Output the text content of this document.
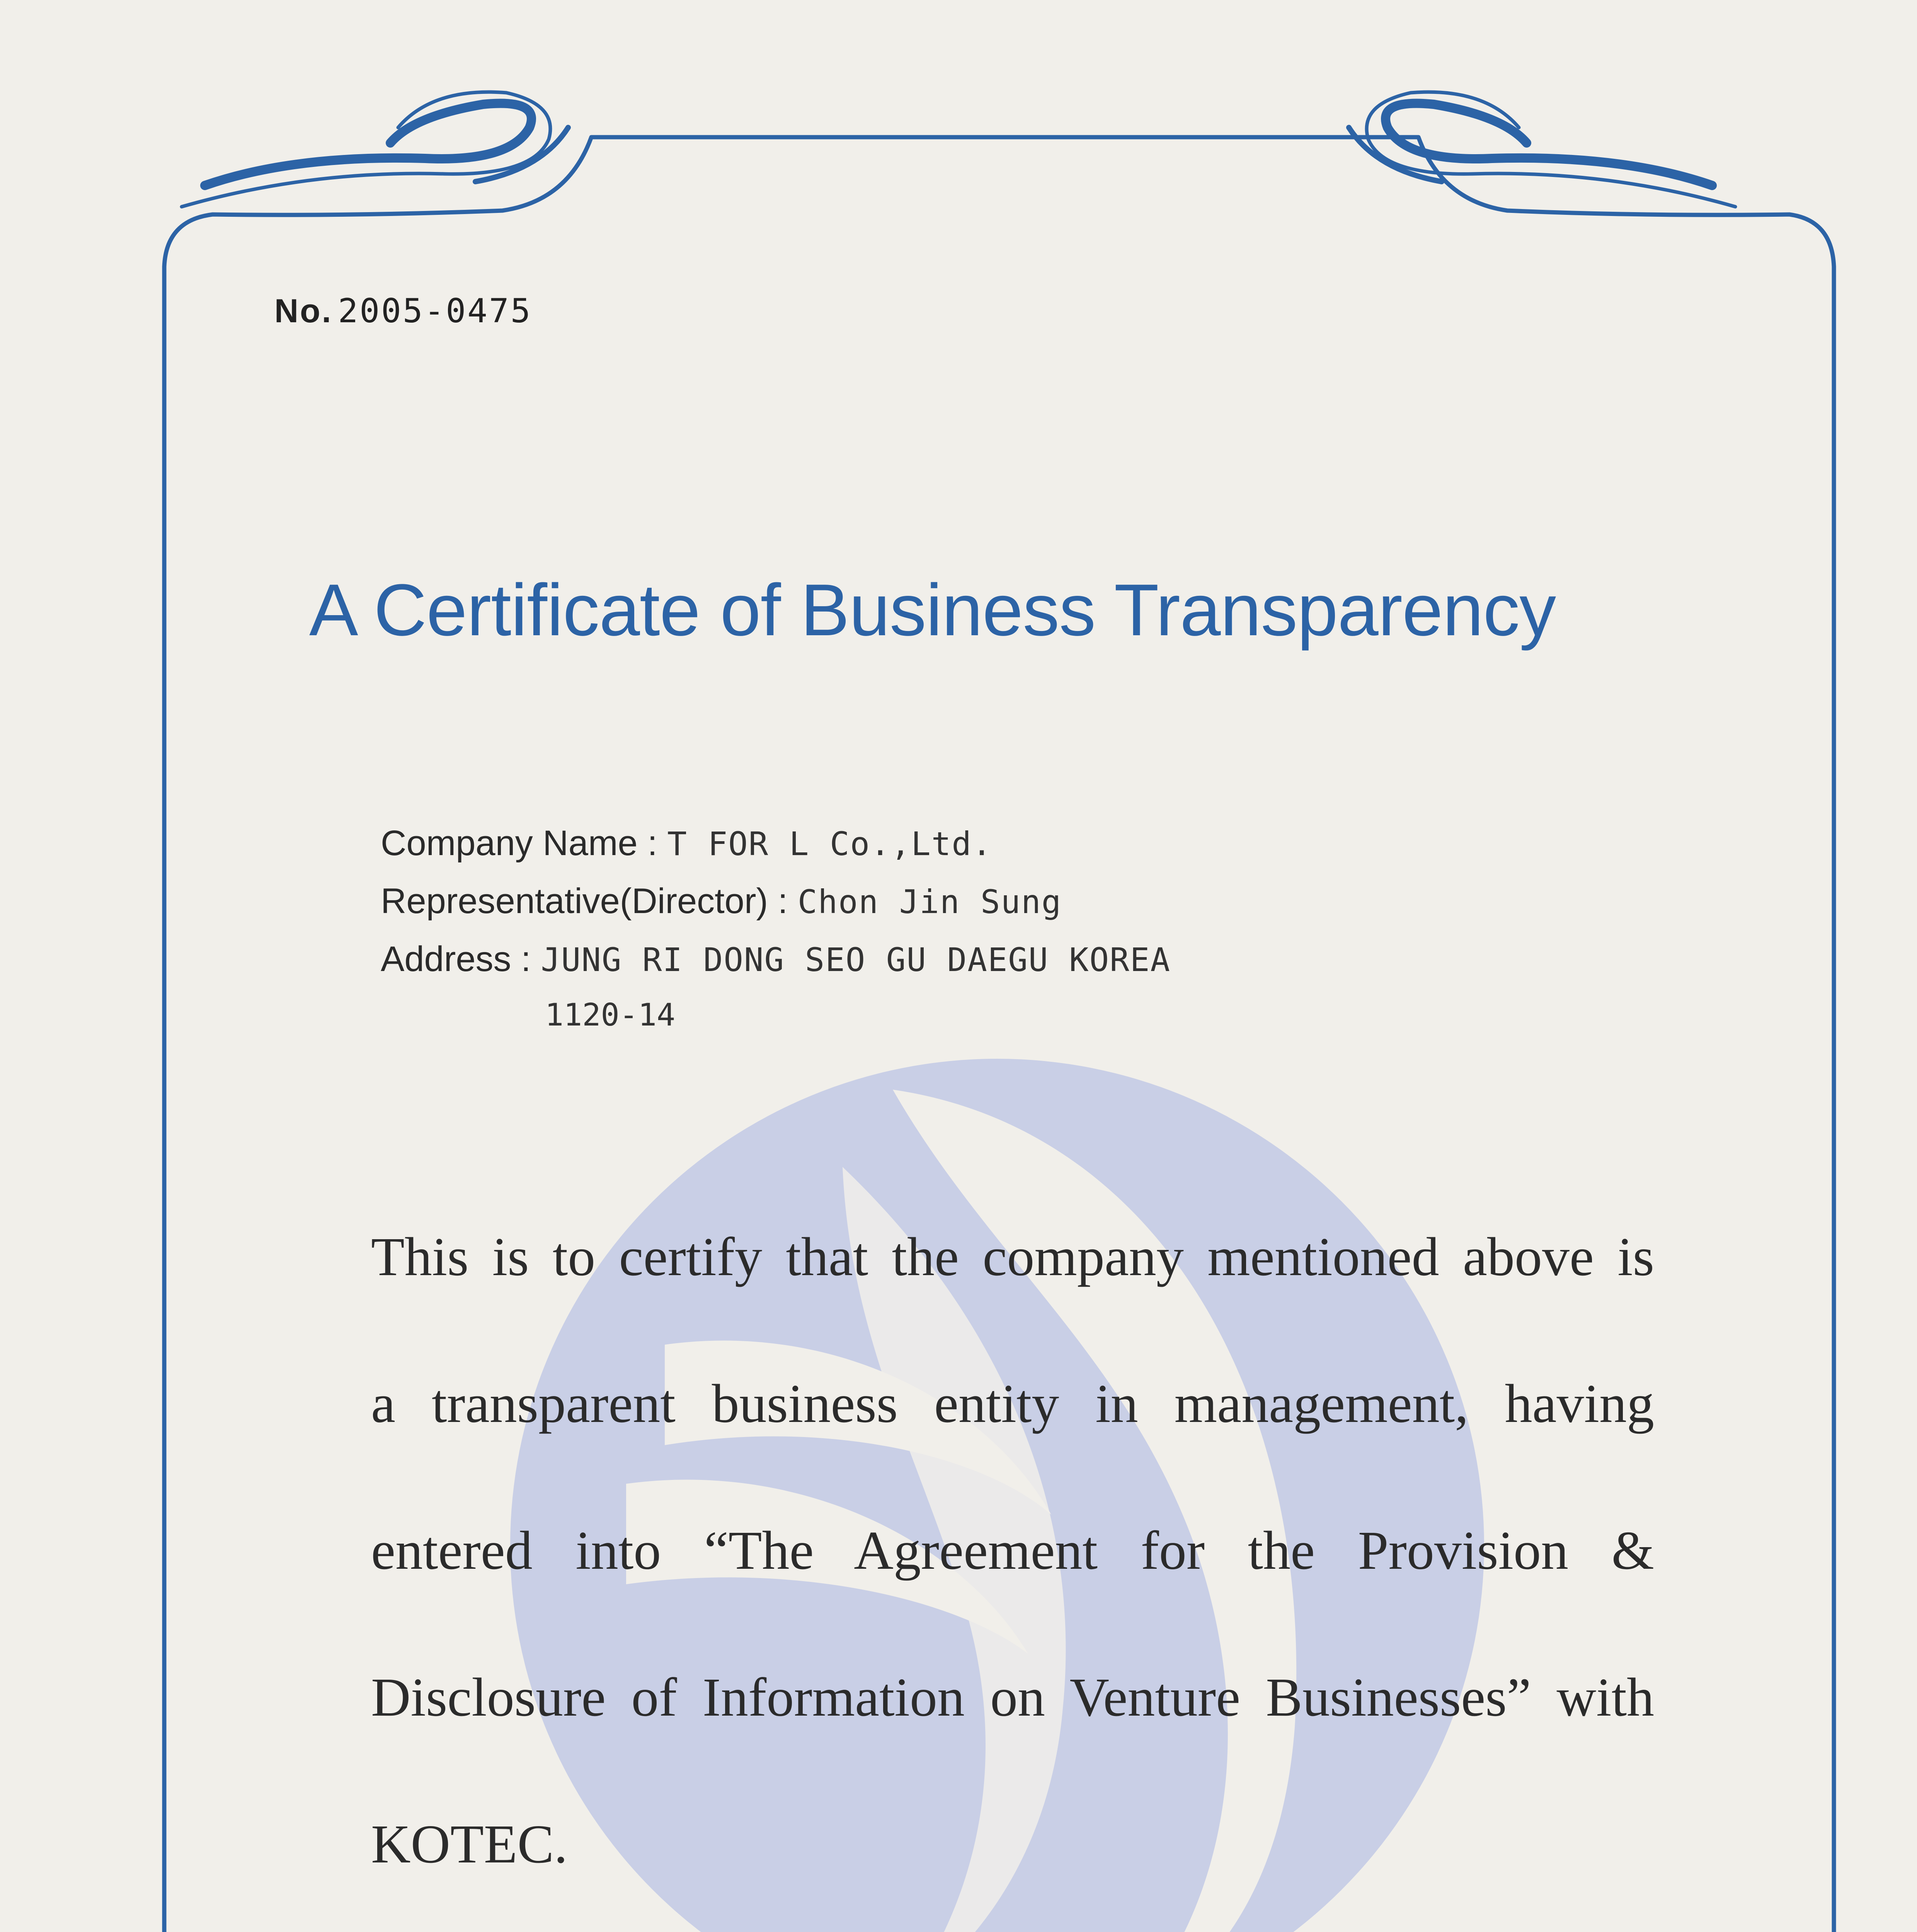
No. 2005-0475
A Certificate of Business Transparency
Company Name : T FOR L Co.,Ltd.
Representative(Director) : Chon Jin Sung
Address : JUNG RI DONG SEO GU DAEGU KOREA
1120-14
This is to certify that the company mentioned above is
a transparent business entity in management, having
entered into “The Agreement for the Provision &
Disclosure of Information on Venture Businesses” with
KOTEC.
